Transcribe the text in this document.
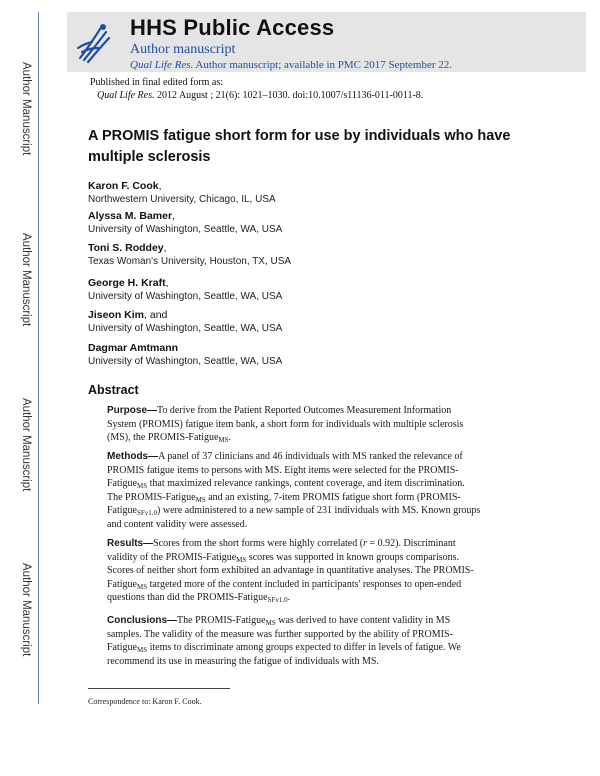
Author Manuscript
Author Manuscript
Author Manuscript
Author Manuscript
HHS Public Access
Author manuscript
Qual Life Res. Author manuscript; available in PMC 2017 September 22.
Published in final edited form as:
Qual Life Res. 2012 August ; 21(6): 1021–1030. doi:10.1007/s11136-011-0011-8.
A PROMIS fatigue short form for use by individuals who have multiple sclerosis
Karon F. Cook,
Northwestern University, Chicago, IL, USA
Alyssa M. Bamer,
University of Washington, Seattle, WA, USA
Toni S. Roddey,
Texas Woman's University, Houston, TX, USA
George H. Kraft,
University of Washington, Seattle, WA, USA
Jiseon Kim, and
University of Washington, Seattle, WA, USA
Dagmar Amtmann
University of Washington, Seattle, WA, USA
Abstract
Purpose—To derive from the Patient Reported Outcomes Measurement Information System (PROMIS) fatigue item bank, a short form for individuals with multiple sclerosis (MS), the PROMIS-Fatigue$_{MS}$.
Methods—A panel of 37 clinicians and 46 individuals with MS ranked the relevance of PROMIS fatigue items to persons with MS. Eight items were selected for the PROMIS-Fatigue$_{MS}$ that maximized relevance rankings, content coverage, and item discrimination. The PROMIS-Fatigue$_{MS}$ and an existing, 7-item PROMIS fatigue short form (PROMIS-Fatigue$_{SFv1.0}$) were administered to a new sample of 231 individuals with MS. Known groups and content validity were assessed.
Results—Scores from the short forms were highly correlated (r = 0.92). Discriminant validity of the PROMIS-Fatigue$_{MS}$ scores was supported in known groups comparisons. Scores of neither short form exhibited an advantage in quantitative analyses. The PROMIS-Fatigue$_{MS}$ targeted more of the content included in participants' responses to open-ended questions than did the PROMIS-Fatigue$_{SFv1.0}$.
Conclusions—The PROMIS-Fatigue$_{MS}$ was derived to have content validity in MS samples. The validity of the measure was further supported by the ability of PROMIS-Fatigue$_{MS}$ items to discriminate among groups expected to differ in levels of fatigue. We recommend its use in measuring the fatigue of individuals with MS.
Correspondence to: Karon F. Cook.
